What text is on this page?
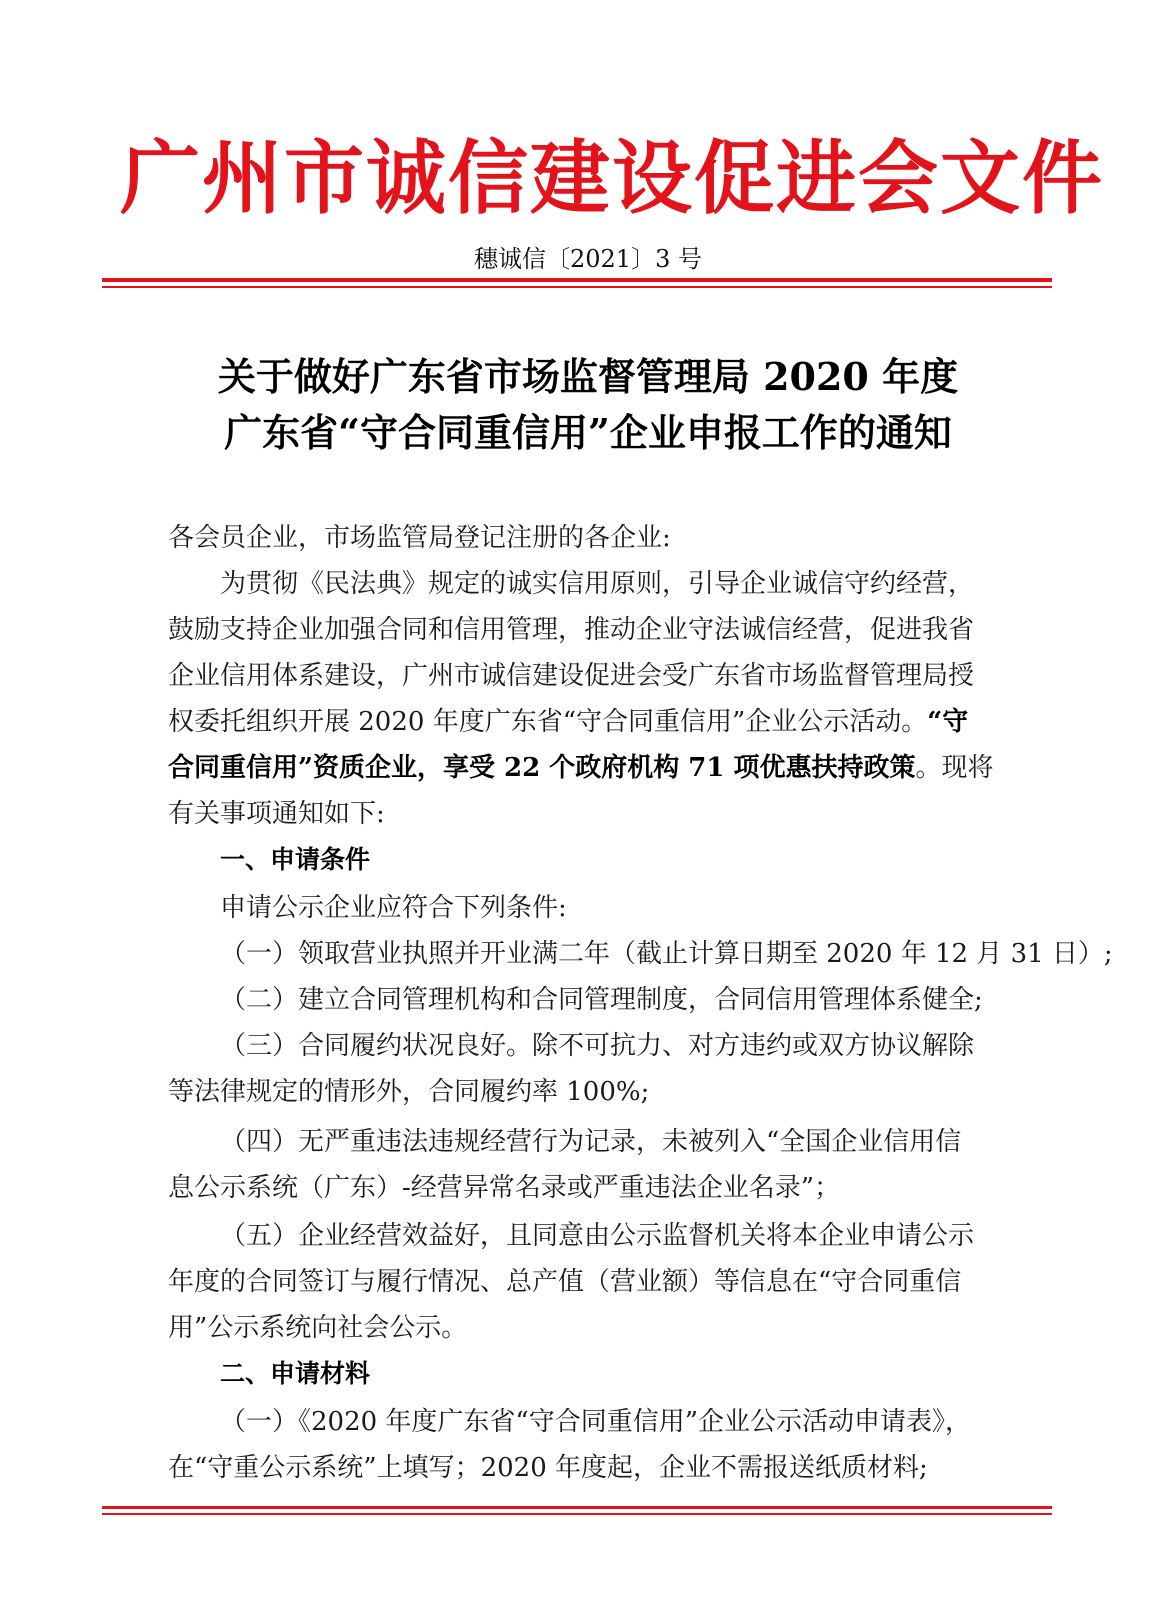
广州市诚信建设促进会文件
穗诚信〔2021〕3 号
关于做好广东省市场监督管理局 2020 年度
广东省“守合同重信用”企业申报工作的通知
各会员企业，市场监管局登记注册的各企业:
为贯彻《民法典》规定的诚实信用原则，引导企业诚信守约经营，
鼓励支持企业加强合同和信用管理，推动企业守法诚信经营，促进我省
企业信用体系建设，广州市诚信建设促进会受广东省市场监督管理局授
权委托组织开展 2020 年度广东省“守合同重信用”企业公示活动。“守
合同重信用”资质企业，享受 22 个政府机构 71 项优惠扶持政策。现将
有关事项通知如下:
一、申请条件
申请公示企业应符合下列条件:
（一）领取营业执照并开业满二年（截止计算日期至 2020 年 12 月 31 日）;
（二）建立合同管理机构和合同管理制度，合同信用管理体系健全;
（三）合同履约状况良好。除不可抗力、对方违约或双方协议解除
等法律规定的情形外，合同履约率 100%;
（四）无严重违法违规经营行为记录，未被列入“全国企业信用信
息公示系统（广东）-经营异常名录或严重违法企业名录”；
（五）企业经营效益好，且同意由公示监督机关将本企业申请公示
年度的合同签订与履行情况、总产值（营业额）等信息在“守合同重信
用”公示系统向社会公示。
二、申请材料
（一）《2020 年度广东省“守合同重信用”企业公示活动申请表》，
在“守重公示系统”上填写；2020 年度起，企业不需报送纸质材料;
